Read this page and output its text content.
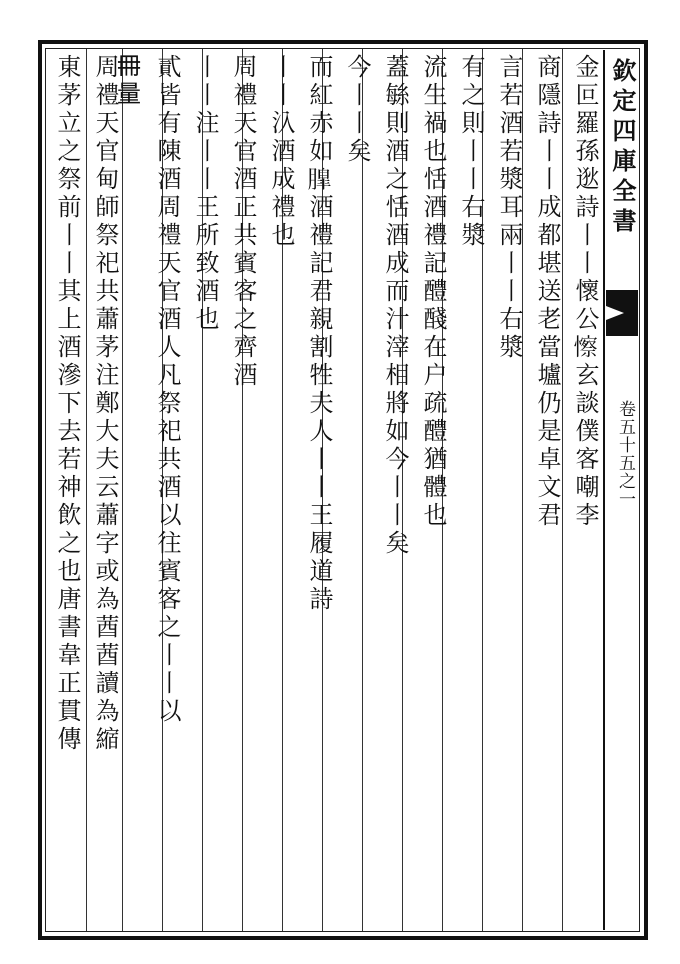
欽定四庫全書
卷五十五之一
金叵羅孫逖詩丨丨懷公𢣼玄談僕客嘲李
商隱詩丨丨成都堪送老當壚仍是卓文君
言若酒若漿耳兩丨丨右漿
有之則丨丨右漿
流生禍也恬酒禮記醴醆在户疏醴猶體也
蓋䋣則酒之恬酒成而汁滓相將如今丨丨矣
今丨丨矣
而紅赤如𦟞酒禮記君親割牲夫人丨丨王履道詩
丨丨𣱿酒成禮也
周禮天官酒正共賓客之齊酒
丨丨注丨丨王所致酒也
貳皆有陳酒周禮天官酒人凡祭祀共酒以往賓客之丨丨以
𠕋量
周禮天官甸師祭祀共蕭茅注鄭大夫云蕭字或為莤莤讀為縮
東茅立之祭前丨丨其上酒滲下去若神飲之也唐書韋正貫傳
